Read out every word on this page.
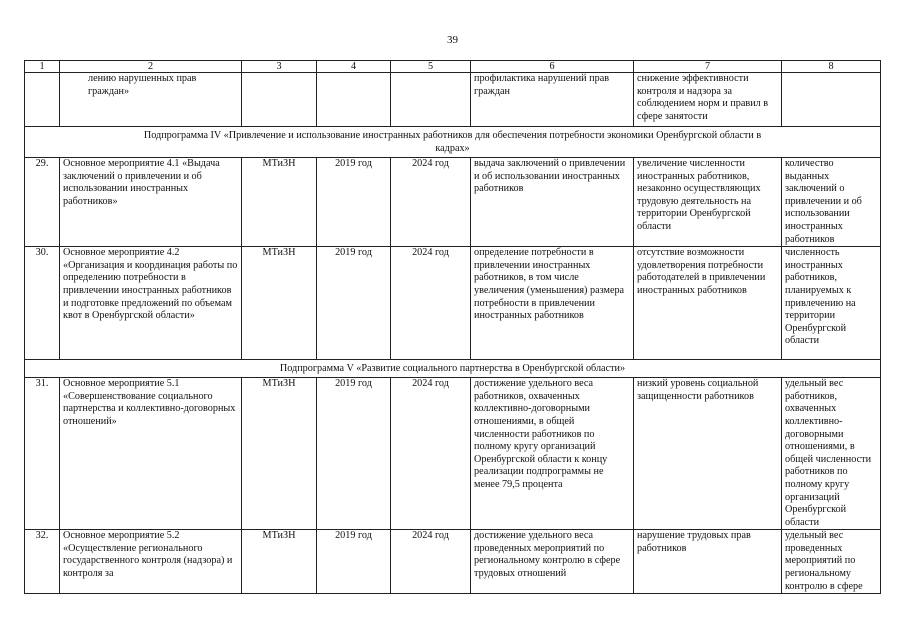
39
1	2	3	4	5	6	7	8
	лению нарушенных прав граждан»				профилактика нарушений прав граждан	снижение эффективности контроля и надзора за соблюдением норм и правил в сфере занятости	
Подпрограмма IV «Привлечение и использование иностранных работников для обеспечения потребности экономики Оренбургской области в кадрах»							
29.	Основное мероприятие 4.1 «Выдача заключений о привлечении и об использовании иностранных работников»	МТиЗН	2019 год	2024 год	выдача заключений о привлечении и об использовании иностранных работников	увеличение численности иностранных работников, незаконно осуществляющих трудовую деятельность на территории Оренбургской области	количество выданных заключений о привлечении и об использовании иностранных работников
30.	Основное мероприятие 4.2 «Организация и координация работы по определению потребности в привлечении иностранных работников и подготовке предложений по объемам квот в Оренбургской области»	МТиЗН	2019 год	2024 год	определение потребности в привлечении иностранных работников, в том числе увеличения (уменьшения) размера потребности в привлечении иностранных работников	отсутствие возможности удовлетворения потребности работодателей в привлечении иностранных работников	численность иностранных работников, планируемых к привлечению на территории Оренбургской области
Подпрограмма V «Развитие социального партнерства в Оренбургской области»							
31.	Основное мероприятие 5.1 «Совершенствование социального партнерства и коллективно-договорных отношений»	МТиЗН	2019 год	2024 год	достижение удельного веса работников, охваченных коллективно-договорными отношениями, в общей численности работников по полному кругу организаций Оренбургской области к концу реализации подпрограммы не менее 79,5 процента	низкий уровень социальной защищенности работников	удельный вес работников, охваченных коллективно-договорными отношениями, в общей численности работников по полному кругу организаций Оренбургской области
32.	Основное мероприятие 5.2 «Осуществление регионального государственного контроля (надзора) и контроля за	МТиЗН	2019 год	2024 год	достижение удельного веса проведенных мероприятий по региональному контролю в сфере трудовых отношений	нарушение трудовых прав работников	удельный вес проведенных мероприятий по региональному контролю в сфере
